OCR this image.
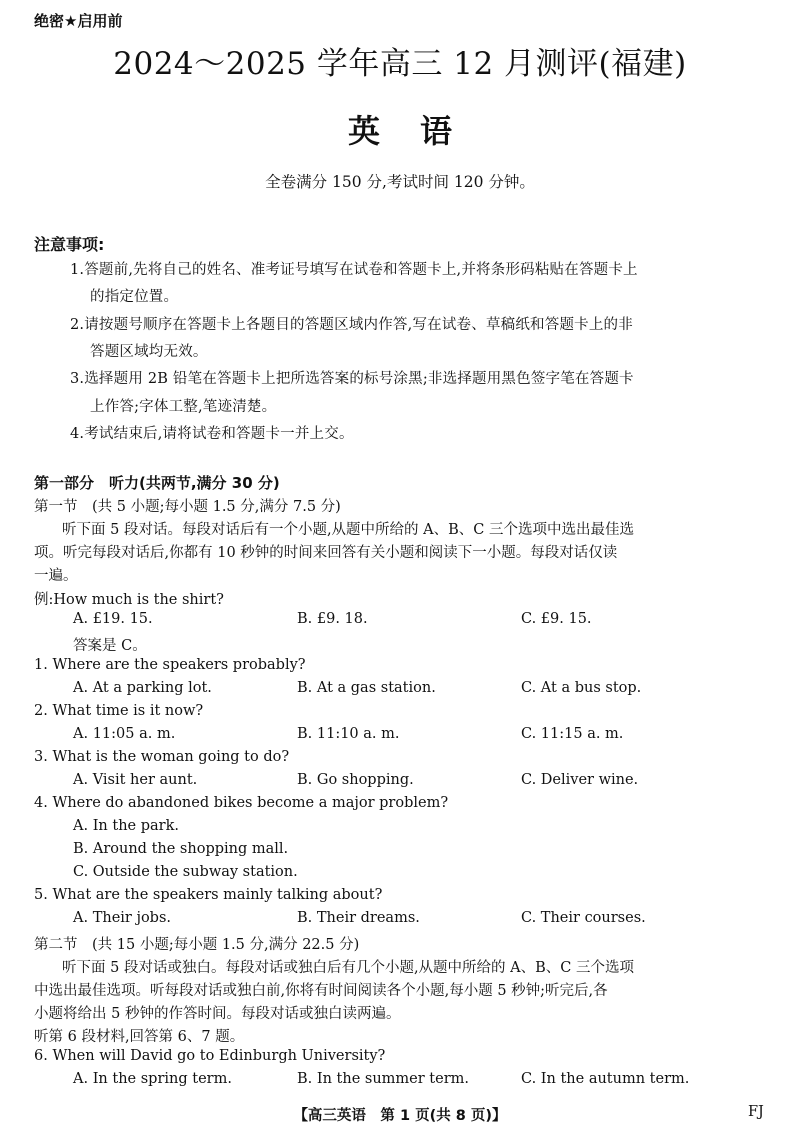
绝密★启用前
2024～2025 学年高三 12 月测评(福建)
英语
全卷满分 150 分,考试时间 120 分钟。
注意事项:
1.答题前,先将自己的姓名、准考证号填写在试卷和答题卡上,并将条形码粘贴在答题卡上
的指定位置。
2.请按题号顺序在答题卡上各题目的答题区域内作答,写在试卷、草稿纸和答题卡上的非
答题区域均无效。
3.选择题用 2B 铅笔在答题卡上把所选答案的标号涂黑;非选择题用黑色签字笔在答题卡
上作答;字体工整,笔迹清楚。
4.考试结束后,请将试卷和答题卡一并上交。
第一部分　听力(共两节,满分 30 分)
第一节　(共 5 小题;每小题 1.5 分,满分 7.5 分)
听下面 5 段对话。每段对话后有一个小题,从题中所给的 A、B、C 三个选项中选出最佳选
项。听完每段对话后,你都有 10 秒钟的时间来回答有关小题和阅读下一小题。每段对话仅读
一遍。
例:How much is the shirt?
A. £19. 15.	B. £9. 18.	C. £9. 15.
答案是 C。
1. Where are the speakers probably?
A. At a parking lot.	B. At a gas station.	C. At a bus stop.
2. What time is it now?
A. 11:05 a. m.	B. 11:10 a. m.	C. 11:15 a. m.
3. What is the woman going to do?
A. Visit her aunt.	B. Go shopping.	C. Deliver wine.
4. Where do abandoned bikes become a major problem?
A. In the park.
B. Around the shopping mall.
C. Outside the subway station.
5. What are the speakers mainly talking about?
A. Their jobs.	B. Their dreams.	C. Their courses.
第二节　(共 15 小题;每小题 1.5 分,满分 22.5 分)
听下面 5 段对话或独白。每段对话或独白后有几个小题,从题中所给的 A、B、C 三个选项
中选出最佳选项。听每段对话或独白前,你将有时间阅读各个小题,每小题 5 秒钟;听完后,各
小题将给出 5 秒钟的作答时间。每段对话或独白读两遍。
听第 6 段材料,回答第 6、7 题。
6. When will David go to Edinburgh University?
A. In the spring term.	B. In the summer term.	C. In the autumn term.
【高三英语　第 1 页(共 8 页)】	FJ
